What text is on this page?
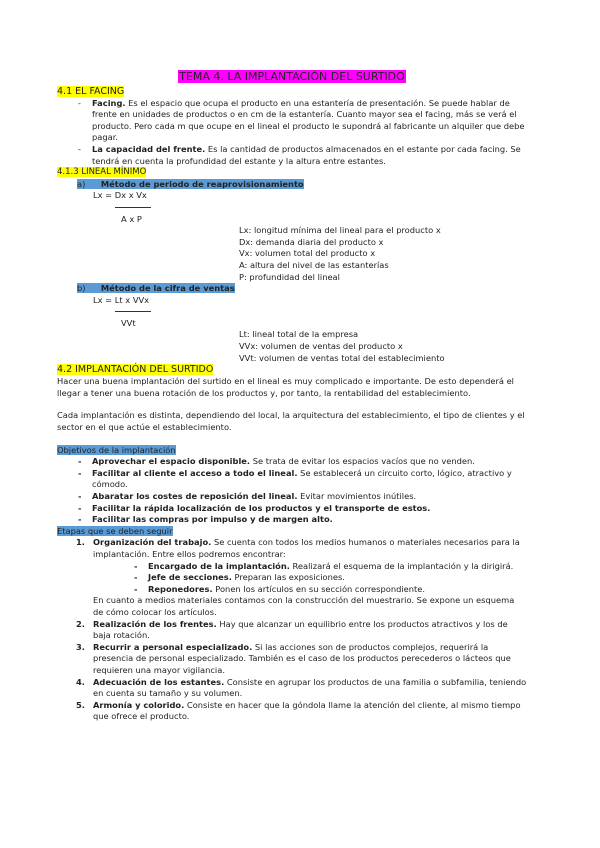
TEMA 4. LA IMPLANTACIÓN DEL SURTIDO
4.1 EL FACING
- Facing. Es el espacio que ocupa el producto en una estantería de presentación. Se puede hablar de frente en unidades de productos o en cm de la estantería. Cuanto mayor sea el facing, más se verá el producto. Pero cada m que ocupe en el lineal el producto le supondrá al fabricante un alquiler que debe pagar.
- La capacidad del frente. Es la cantidad de productos almacenados en el estante por cada facing. Se tendrá en cuenta la profundidad del estante y la altura entre estantes.
4.1.3 LINEAL MÍNIMO
a) Método de periodo de reaprovisionamiento
Lx = Dx x Vx
A x P
Lx: longitud mínima del lineal para el producto x
Dx: demanda diaria del producto x
Vx: volumen total del producto x
A: altura del nivel de las estanterías
P: profundidad del lineal
b) Método de la cifra de ventas
Lx = Lt x VVx
VVt
Lt: lineal total de la empresa
VVx: volumen de ventas del producto x
VVt: volumen de ventas total del establecimiento
4.2 IMPLANTACIÓN DEL SURTIDO

Hacer una buena implantación del surtido en el lineal es muy complicado e importante. De esto dependerá el llegar a tener una buena rotación de los productos y, por tanto, la rentabilidad del establecimiento.

Cada implantación es distinta, dependiendo del local, la arquitectura del establecimiento, el tipo de clientes y el sector en el que actúe el establecimiento.

Objetivos de la implantación
- Aprovechar el espacio disponible. Se trata de evitar los espacios vacíos que no venden.
- Facilitar al cliente el acceso a todo el lineal. Se establecerá un circuito corto, lógico, atractivo y cómodo.
- Abaratar los costes de reposición del lineal. Evitar movimientos inútiles.
- Facilitar la rápida localización de los productos y el transporte de estos.
- Facilitar las compras por impulso y de margen alto.
Etapas que se deben seguir
1. Organización del trabajo. Se cuenta con todos los medios humanos o materiales necesarios para la implantación. Entre ellos podremos encontrar:
- Encargado de la implantación. Realizará el esquema de la implantación y la dirigirá.
- Jefe de secciones. Preparan las exposiciones.
- Reponedores. Ponen los artículos en su sección correspondiente.
En cuanto a medios materiales contamos con la construcción del muestrario. Se expone un esquema de cómo colocar los artículos.
2. Realización de los frentes. Hay que alcanzar un equilibrio entre los productos atractivos y los de baja rotación.
3. Recurrir a personal especializado. Si las acciones son de productos complejos, requerirá la presencia de personal especializado. También es el caso de los productos perecederos o lácteos que requieren una mayor vigilancia.
4. Adecuación de los estantes. Consiste en agrupar los productos de una familia o subfamilia, teniendo en cuenta su tamaño y su volumen.
5. Armonía y colorido. Consiste en hacer que la góndola llame la atención del cliente, al mismo tiempo que ofrece el producto.
